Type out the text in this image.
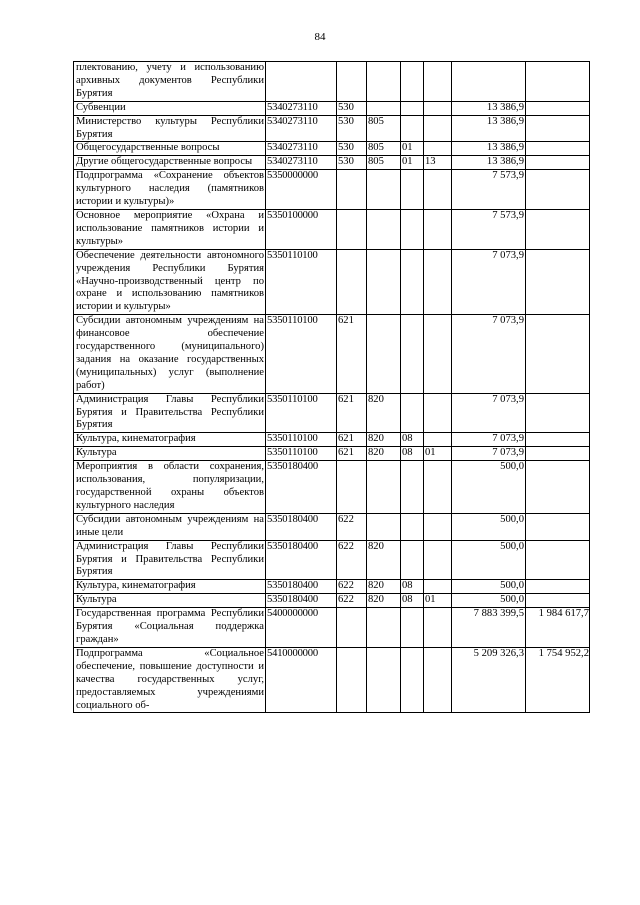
84
плектованию, учету и использованию архивных документов Республики Бурятия							
Субвенции	5340273110	530				13 386,9	
Министерство культуры Республики Бурятия	5340273110	530	805			13 386,9	
Общегосударственные вопросы	5340273110	530	805	01		13 386,9	
Другие общегосударственные вопросы	5340273110	530	805	01	13	13 386,9	
Подпрограмма «Сохранение объектов культурного наследия (памятников истории и культуры)»	5350000000					7 573,9	
Основное мероприятие «Охрана и использование памятников истории и культуры»	5350100000					7 573,9	
Обеспечение деятельности автономного учреждения Республики Бурятия «Научно-производственный центр по охране и использованию памятников истории и культуры»	5350110100					7 073,9	
Субсидии автономным учреждениям на финансовое обеспечение государственного (муниципального) задания на оказание государственных (муниципальных) услуг (выполнение работ)	5350110100	621				7 073,9	
Администрация Главы Республики Бурятия и Правительства Республики Бурятия	5350110100	621	820			7 073,9	
Культура, кинематография	5350110100	621	820	08		7 073,9	
Культура	5350110100	621	820	08	01	7 073,9	
Мероприятия в области сохранения, использования, популяризации, государственной охраны объектов культурного наследия	5350180400					500,0	
Субсидии автономным учреждениям на иные цели	5350180400	622				500,0	
Администрация Главы Республики Бурятия и Правительства Республики Бурятия	5350180400	622	820			500,0	
Культура, кинематография	5350180400	622	820	08		500,0	
Культура	5350180400	622	820	08	01	500,0	
Государственная программа Республики Бурятия «Социальная поддержка граждан»	5400000000					7 883 399,5	1 984 617,7
Подпрограмма «Социальное обеспечение, повышение доступности и качества государственных услуг, предоставляемых учреждениями социального об-	5410000000					5 209 326,3	1 754 952,2
